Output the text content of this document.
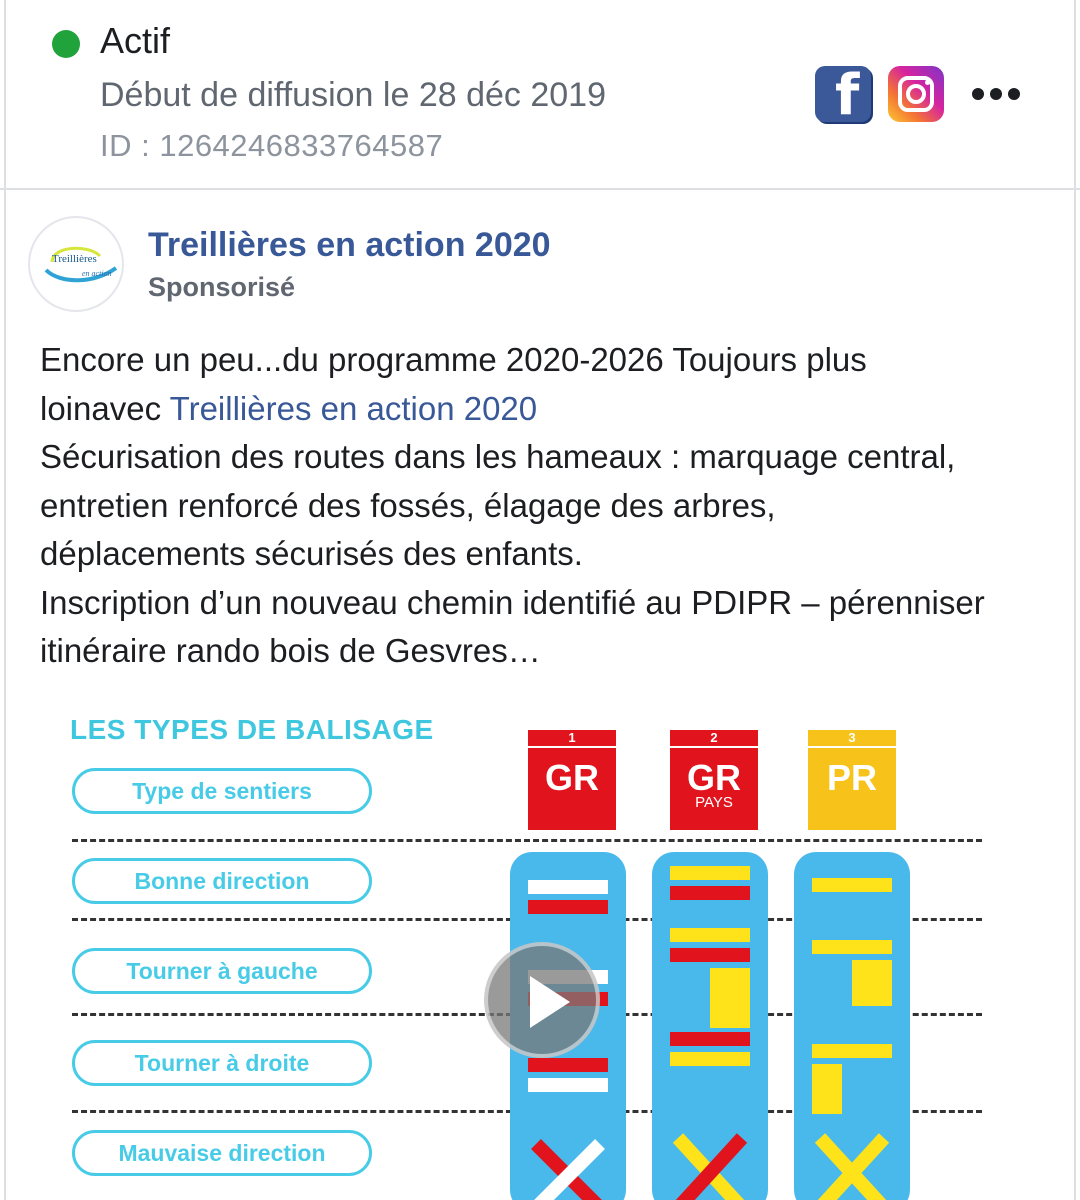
Actif
Début de diffusion le 28 déc 2019
ID : 1264246833764587
f
Treillières
en action
Treillières en action 2020
Sponsorisé

Encore un peu...du programme 2020-2026 Toujours plus

loinavec Treillières en action 2020

Sécurisation des routes dans les hameaux : marquage central,

entretien renforcé des fossés, élagage des arbres,

déplacements sécurisés des enfants.

Inscription d’un nouveau chemin identifié au PDIPR – pérenniser

itinéraire rando bois de Gesvres…

LES TYPES DE BALISAGE
Type de sentiers
Bonne direction
Tourner à gauche
Tourner à droite
Mauvaise direction
1
GR
2
GR
PAYS
3
PR
